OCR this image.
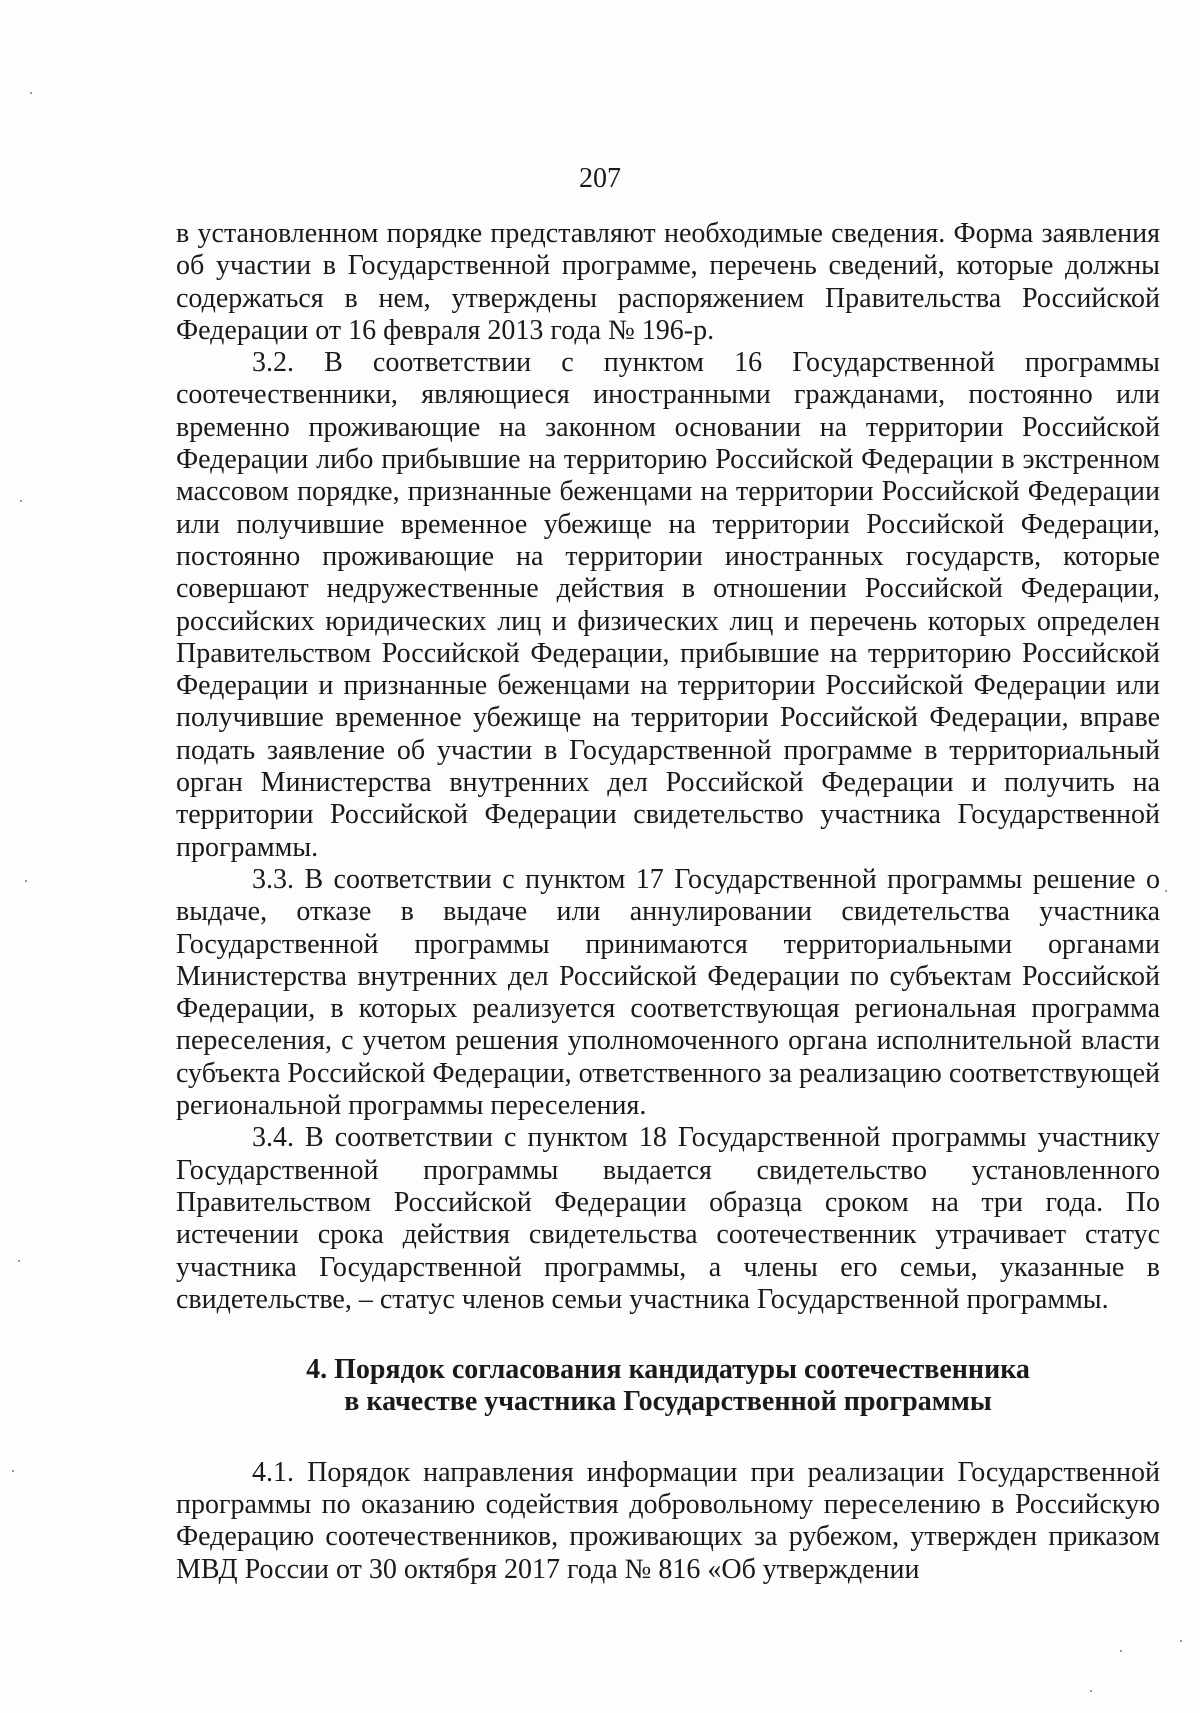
207

в установленном порядке представляют необходимые сведения. Форма заявления об участии в Государственной программе, перечень сведений, которые должны содержаться в нем, утверждены распоряжением Правительства Российской Федерации от 16 февраля 2013 года № 196-р.

3.2. В соответствии с пунктом 16 Государственной программы соотечественники, являющиеся иностранными гражданами, постоянно или временно проживающие на законном основании на территории Российской Федерации либо прибывшие на территорию Российской Федерации в экстренном массовом порядке, признанные беженцами на территории Российской Федерации или получившие временное убежище на территории Российской Федерации, постоянно проживающие на территории иностранных государств, которые совершают недружественные действия в отношении Российской Федерации, российских юридических лиц и физических лиц и перечень которых определен Правительством Российской Федерации, прибывшие на территорию Российской Федерации и признанные беженцами на территории Российской Федерации или получившие временное убежище на территории Российской Федерации, вправе подать заявление об участии в Государственной программе в территориальный орган Министерства внутренних дел Российской Федерации и получить на территории Российской Федерации свидетельство участника Государственной программы.

3.3. В соответствии с пунктом 17 Государственной программы решение о выдаче, отказе в выдаче или аннулировании свидетельства участника Государственной программы принимаются территориальными органами Министерства внутренних дел Российской Федерации по субъектам Российской Федерации, в которых реализуется соответствующая региональная программа переселения, с учетом решения уполномоченного органа исполнительной власти субъекта Российской Федерации, ответственного за реализацию соответствующей региональной программы переселения.

3.4. В соответствии с пунктом 18 Государственной программы участнику Государственной программы выдается свидетельство установленного Правительством Российской Федерации образца сроком на три года. По истечении срока действия свидетельства соотечественник утрачивает статус участника Государственной программы, а члены его семьи, указанные в свидетельстве, – статус членов семьи участника Государственной программы.

4. Порядок согласования кандидатуры соотечественника
в качестве участника Государственной программы

4.1. Порядок направления информации при реализации Государственной программы по оказанию содействия добровольному переселению в Российскую Федерацию соотечественников, проживающих за рубежом, утвержден приказом МВД России от 30 октября 2017 года № 816 «Об утверждении
